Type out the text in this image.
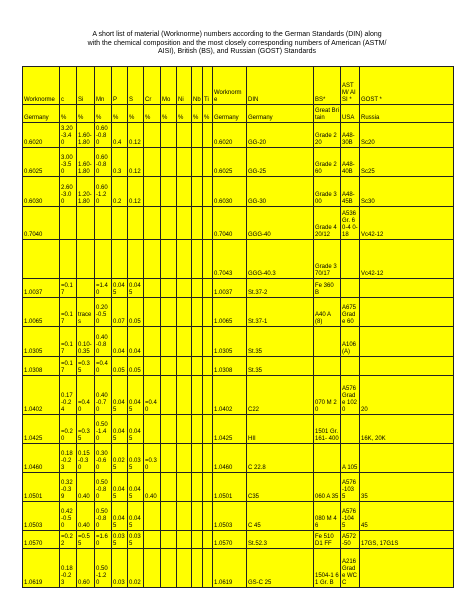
A short list of material (Worknorme) numbers according to the German Standards (DIN) along
with the chemical composition and the most closely corresponding numbers of American (ASTM/
AISI), British (BS), and Russian (GOST) Standards
Worknorme	c	Si	Mn	P	S	Cr	Mo	Ni	Nb	Ti	Worknorm e	DIN	BS*	ASTM/ AISI *	GOST *
Germany	%	%	%	%	%	%	%	%	%	%	Germany	Germany	Great Britain	USA	Russia
0.6020	3.20 -3.4 0	1.60- 1.80	0.60 -0.8 0	0.4	0.12						0.6020	GG-20	Grade 220	A48- 30B	Sc20
0.6025	3.00 -3.5 0	1.60- 1.80	0.60 -0.8 0	0.3	0.12						0.6025	GG-25	Grade 260	A48- 40B	Sc25
0.6030	2.60 -3.0 0	1.20- 1.80	0.60 -1.2 0	0.2	0.12						0.6030	GG-30	Grade 300	A48- 45B	Sc30
0.7040											0.7040	GGG-40	Grade 420/12	A536 Gr. 60-4 0-18	Vc42-12
											0.7043	GGG-40.3	Grade 370/17		Vc42-12
1.0037	=0.1 7		=1.4 0	0.04 5	0.04 5						1.0037	St.37-2	Fe 360 B		
1.0065	=0.1 7	trace s	0.20 -0.5 0	0.07	0.05						1.0065	St.37-1	A40 A (8)	A675 Grad e 60	
1.0305	=0.1 7	0.10- 0.35	0.40 -0.8 0	0.04	0.04						1.0305	St.35		A106 (A)	
1.0308	=0.1 7	=0.3 5	=0.4 0	0.05	0.05						1.0308	St.35			
1.0402	0.17 -0.2 4	=0.4 0	0.40 -0.7 0	0.04 5	0.04 5	=0.4 0					1.0402	C22	070 M 20	A576 Grad e 1020	20
1.0425	=0.2 0	=0.3 5	0.50 -1.4 0	0.04 5	0.04 5						1.0425	HII	1501 Gr.161- 400		16K, 20K
1.0460	0.18 -0.2 3	0.15 -0.3 0	0.30 -0.6 0	0.02 5	0.03 5	=0.3 0					1.0460	C 22.8		A 105	
1.0501	0.32 -0.3 9	0.40	0.50 -0.8 0	0.04 5	0.04 5	0.40					1.0501	C35	060 A 35	A576 -103 5	35
1.0503	0.42 -0.5 0	0.40	0.50 -0.8 0	0.04 5	0.04 5						1.0503	C 45	080 M 46	A576 -104 5	45
1.0570	=0.2 2	=0.5 5	=1.6 0	0.03 5	0.03 5						1.0570	St.52.3	Fe 510 D1 FF	A572 -50	17GS, 17G1S
1.0619	0.18 -0.2 3	0.60	0.50 -1.2 0	0.03	0.02						1.0619	GS-C 25	1504-1 61 Gr. B	A216 Grad e WCC	
